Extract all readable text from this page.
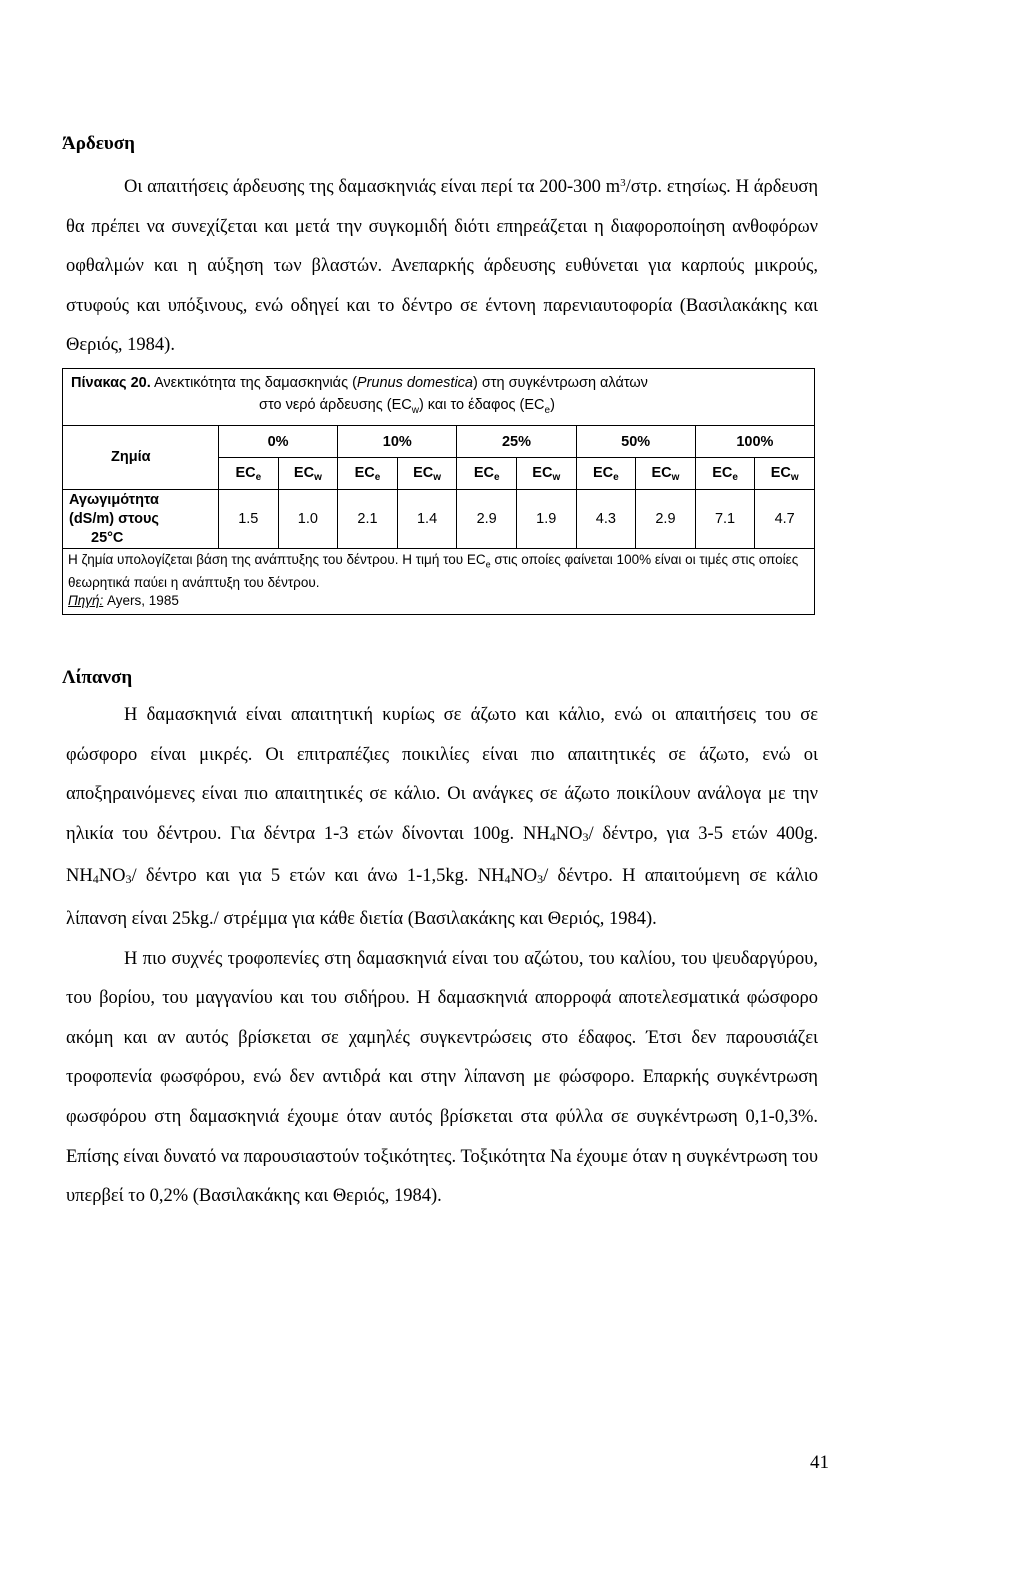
Άρδευση

Οι απαιτήσεις άρδευσης της δαμασκηνιάς είναι περί τα 200-300 $m^3$/στρ. ετησίως. Η άρδευση θα πρέπει να συνεχίζεται και μετά την συγκομιδή διότι επηρεάζεται η διαφοροποίηση ανθοφόρων οφθαλμών και η αύξηση των βλαστών. Ανεπαρκής άρδευσης ευθύνεται για καρπούς μικρούς, στυφούς και υπόξινους, ενώ οδηγεί και το δέντρο σε έντονη παρενιαυτοφορία (Βασιλακάκης και Θεριός, 1984).

Πίνακας 20. Ανεκτικότητα της δαμασκηνιάς (Prunus domestica) στη συγκέντρωση αλάτων
στο νερό άρδευσης $(EC_w)$ και το έδαφος $(EC_e)$
Ζημία	0%		10%		25%		50%		100%	
	$EC_e$	$EC_w$	$EC_e$	$EC_w$	$EC_e$	$EC_w$	$EC_e$	$EC_w$	$EC_e$	$EC_w$

Αγωγιμότητα
(dS/m) στους
25°C	1.5	1.0	2.1	1.4	2.9	1.9	4.3	2.9	7.1	4.7
Η ζημία υπολογίζεται βάση της ανάπτυξης του δέντρου. Η τιμή του $EC_e$ στις οποίες φαίνεται 100% είναι οι τιμές στις οποίες θεωρητικά παύει η ανάπτυξη του δέντρου.
Πηγή: Ayers, 1985
Λίπανση

Η δαμασκηνιά είναι απαιτητική κυρίως σε άζωτο και κάλιο, ενώ οι απαιτήσεις του σε φώσφορο είναι μικρές. Οι επιτραπέζιες ποικιλίες είναι πιο απαιτητικές σε άζωτο, ενώ οι αποξηραινόμενες είναι πιο απαιτητικές σε κάλιο. Οι ανάγκες σε άζωτο ποικίλουν ανάλογα με την ηλικία του δέντρου. Για δέντρα 1-3 ετών δίνονται 100g. $NH_4NO_3/$ δέντρο, για 3-5 ετών 400g. $NH_4NO_3/$ δέντρο και για 5 ετών και άνω 1-1,5kg. $NH_4NO_3/$ δέντρο. Η απαιτούμενη σε κάλιο λίπανση είναι 25kg./ στρέμμα για κάθε διετία (Βασιλακάκης και Θεριός, 1984).

Η πιο συχνές τροφοπενίες στη δαμασκηνιά είναι του αζώτου, του καλίου, του ψευδαργύρου, του βορίου, του μαγγανίου και του σιδήρου. Η δαμασκηνιά απορροφά αποτελεσματικά φώσφορο ακόμη και αν αυτός βρίσκεται σε χαμηλές συγκεντρώσεις στο έδαφος. Έτσι δεν παρουσιάζει τροφοπενία φωσφόρου, ενώ δεν αντιδρά και στην λίπανση με φώσφορο. Επαρκής συγκέντρωση φωσφόρου στη δαμασκηνιά έχουμε όταν αυτός βρίσκεται στα φύλλα σε συγκέντρωση 0,1-0,3%. Επίσης είναι δυνατό να παρουσιαστούν τοξικότητες. Τοξικότητα Na έχουμε όταν η συγκέντρωση του υπερβεί το 0,2% (Βασιλακάκης και Θεριός, 1984).

41
